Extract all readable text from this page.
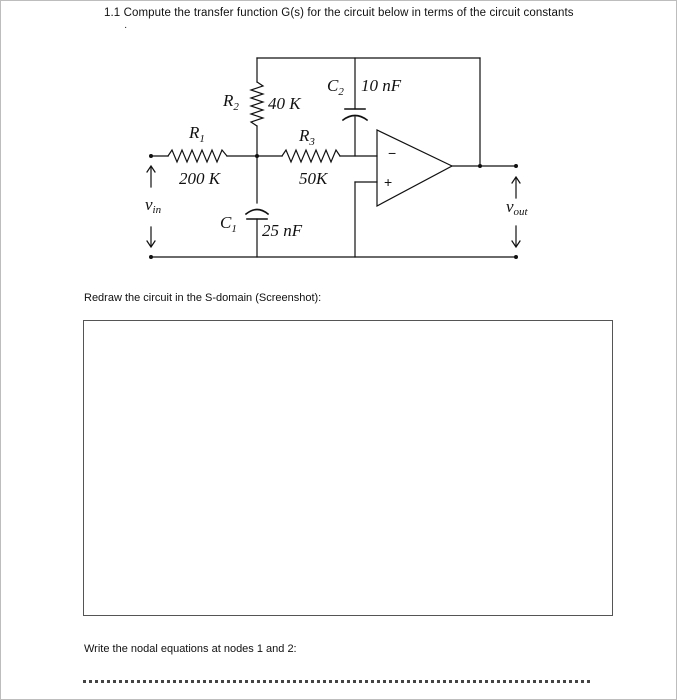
1.1 Compute the transfer function G(s) for the circuit below in terms of the circuit constants
·
−
+
$R_2$ 40 K
$R_1$
200 K
$R_3$
50K
$C_2$ 10 nF
$C_1$ 25 nF
vin	vout
Redraw the circuit in the S-domain (Screenshot):
Write the nodal equations at nodes 1 and 2:
